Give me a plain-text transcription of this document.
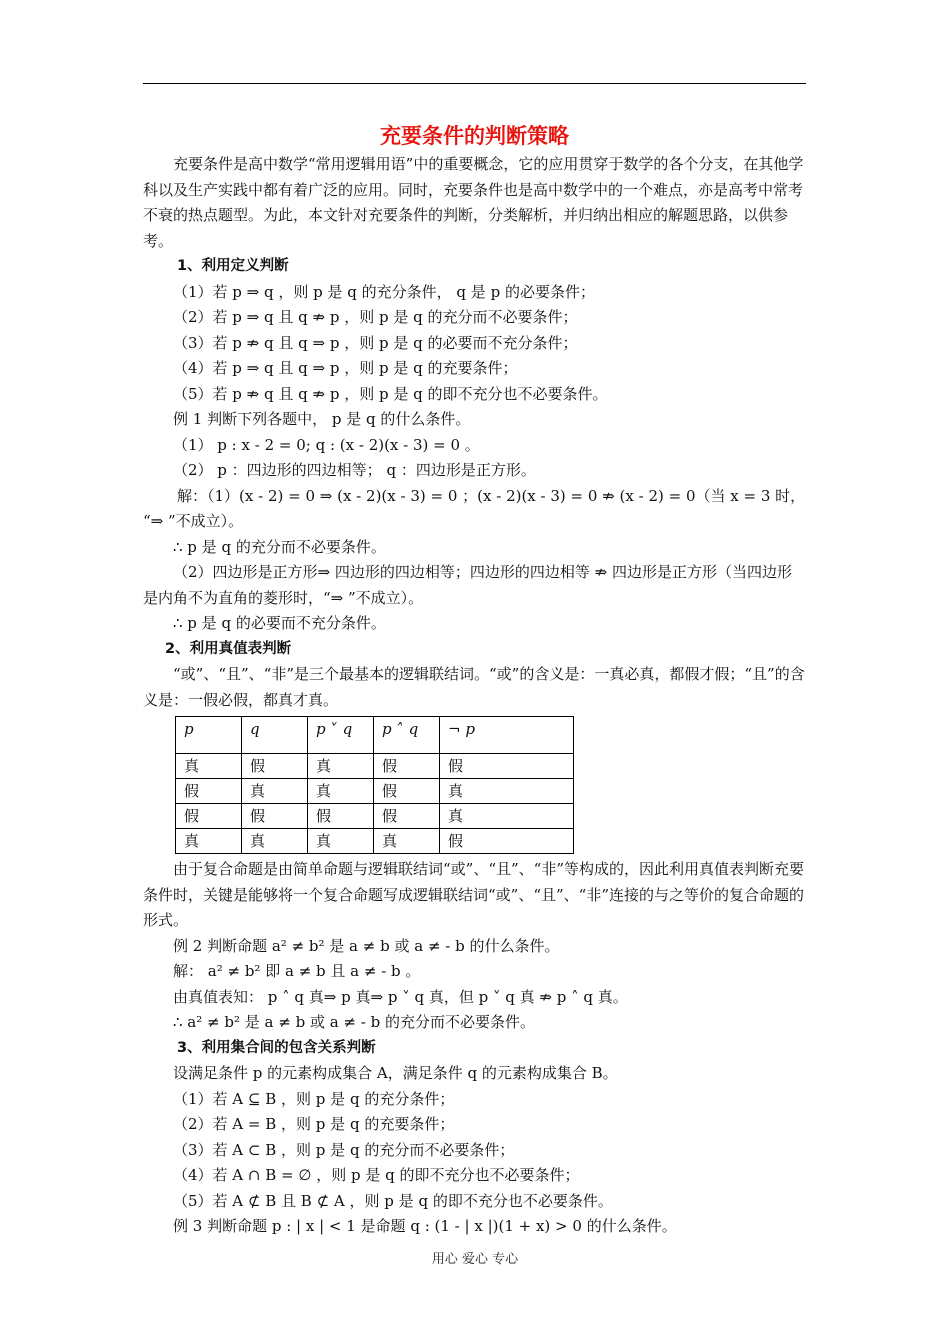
充要条件的判断策略

充要条件是高中数学“常用逻辑用语”中的重要概念，它的应用贯穿于数学的各个分支，在其他学科以及生产实践中都有着广泛的应用。同时，充要条件也是高中数学中的一个难点，亦是高考中常考不衰的热点题型。为此，本文针对充要条件的判断，分类解析，并归纳出相应的解题思路，以供参考。

1、利用定义判断

（1）若 p ⇒ q ，则 p 是 q 的充分条件， q 是 p 的必要条件；

（2）若 p ⇒ q 且 q ⇏ p ，则 p 是 q 的充分而不必要条件；

（3）若 p ⇏ q 且 q ⇒ p ，则 p 是 q 的必要而不充分条件；

（4）若 p ⇒ q 且 q ⇒ p ，则 p 是 q 的充要条件；

（5）若 p ⇏ q 且 q ⇏ p ，则 p 是 q 的即不充分也不必要条件。

例 1 判断下列各题中， p 是 q 的什么条件。

（1） p : x - 2 = 0; q : (x - 2)(x - 3) = 0 。

（2） p ：四边形的四边相等； q ：四边形是正方形。

解：（1）(x - 2) = 0 ⇒ (x - 2)(x - 3) = 0 ；(x - 2)(x - 3) = 0 ⇏ (x - 2) = 0（当 x = 3 时，

“⇒ ”不成立）。

∴ p 是 q 的充分而不必要条件。

（2）四边形是正方形⇒ 四边形的四边相等；四边形的四边相等 ⇏ 四边形是正方形（当四边形是内角不为直角的菱形时，“⇒ ”不成立）。

∴ p 是 q 的必要而不充分条件。

2、利用真值表判断

“或”、“且”、“非”是三个最基本的逻辑联结词。“或”的含义是：一真必真，都假才假；“且”的含义是：一假必假，都真才真。

p	q	p ˅ q	p ˄ q	¬ p
真	假	真	假	假
假	真	真	假	真
假	假	假	假	真
真	真	真	真	假

由于复合命题是由简单命题与逻辑联结词“或”、“且”、“非”等构成的，因此利用真值表判断充要条件时，关键是能够将一个复合命题写成逻辑联结词“或”、“且”、“非”连接的与之等价的复合命题的形式。

例 2 判断命题 a² ≠ b² 是 a ≠ b 或 a ≠ - b 的什么条件。

解： a² ≠ b² 即 a ≠ b 且 a ≠ - b 。

由真值表知： p ˄ q 真⇒ p 真⇒ p ˅ q 真，但 p ˅ q 真 ⇏ p ˄ q 真。

∴ a² ≠ b² 是 a ≠ b 或 a ≠ - b 的充分而不必要条件。

3、利用集合间的包含关系判断

设满足条件 p 的元素构成集合 A，满足条件 q 的元素构成集合 B。

（1）若 A ⊆ B ，则 p 是 q 的充分条件；

（2）若 A = B ，则 p 是 q 的充要条件；

（3）若 A ⊂ B ，则 p 是 q 的充分而不必要条件；

（4）若 A ∩ B = ∅ ，则 p 是 q 的即不充分也不必要条件；

（5）若 A ⊄ B 且 B ⊄ A ，则 p 是 q 的即不充分也不必要条件。

例 3 判断命题 p : | x | < 1 是命题 q : (1 - | x |)(1 + x) > 0 的什么条件。

用心 爱心 专心
